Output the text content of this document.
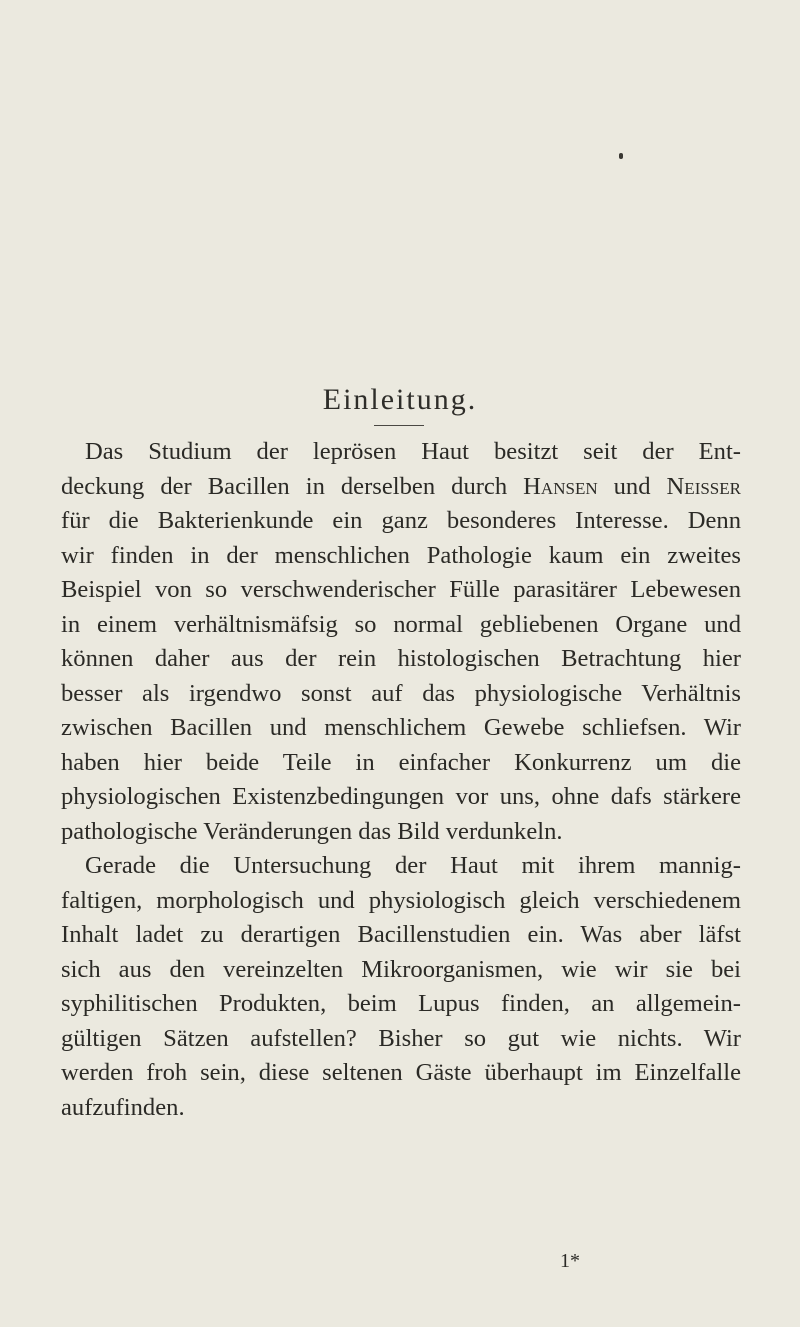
Einleitung.
Das Studium der leprösen Haut besitzt seit der Ent-
deckung der Bacillen in derselben durch Hansen und Neisser
für die Bakterienkunde ein ganz besonderes Interesse. Denn
wir finden in der menschlichen Pathologie kaum ein zweites
Beispiel von so verschwenderischer Fülle parasitärer Lebewesen
in einem verhältnismäfsig so normal gebliebenen Organe und
können daher aus der rein histologischen Betrachtung hier
besser als irgendwo sonst auf das physiologische Verhältnis
zwischen Bacillen und menschlichem Gewebe schliefsen. Wir
haben hier beide Teile in einfacher Konkurrenz um die
physiologischen Existenzbedingungen vor uns, ohne dafs stärkere
pathologische Veränderungen das Bild verdunkeln.
Gerade die Untersuchung der Haut mit ihrem mannig-
faltigen, morphologisch und physiologisch gleich verschiedenem
Inhalt ladet zu derartigen Bacillenstudien ein. Was aber läfst
sich aus den vereinzelten Mikroorganismen, wie wir sie bei
syphilitischen Produkten, beim Lupus finden, an allgemein-
gültigen Sätzen aufstellen? Bisher so gut wie nichts. Wir
werden froh sein, diese seltenen Gäste überhaupt im Einzelfalle
aufzufinden.
1*
